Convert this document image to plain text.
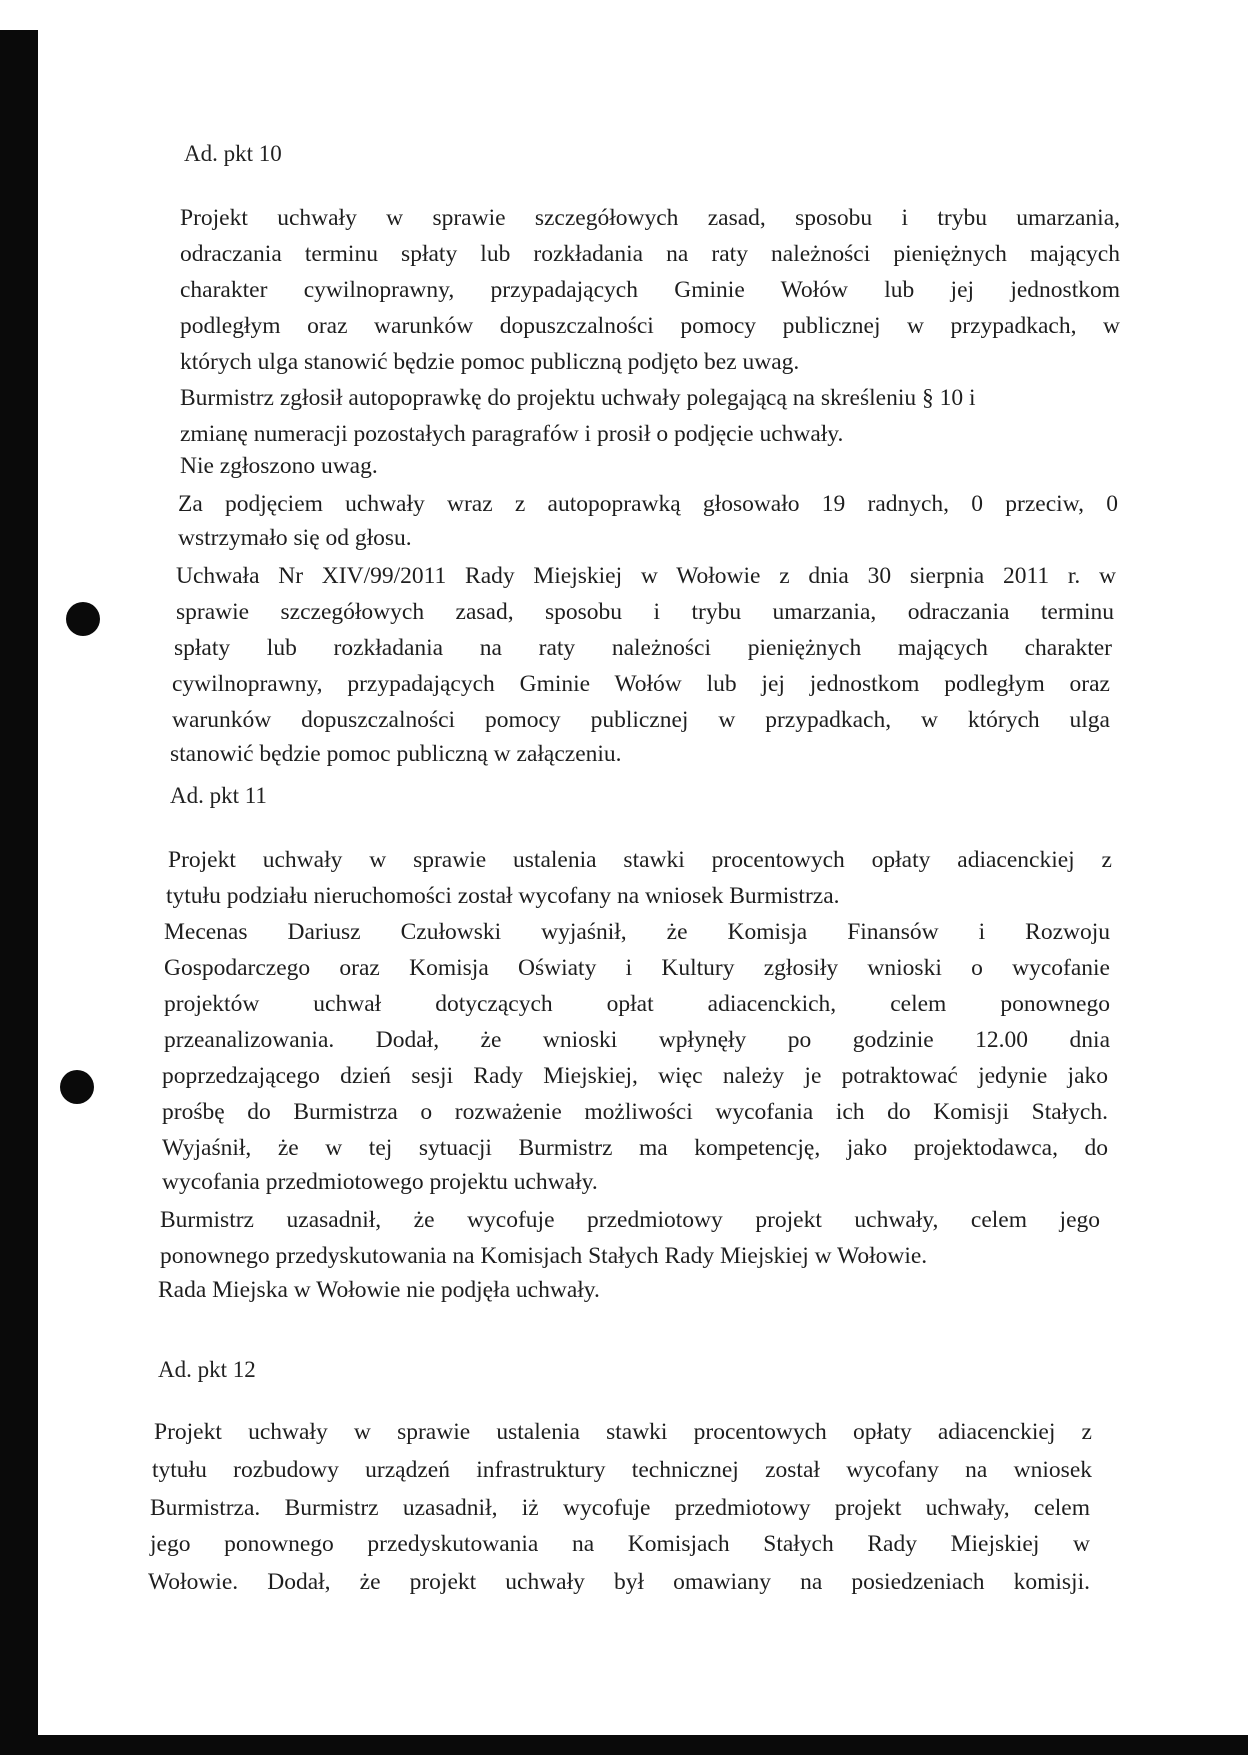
Ad. pkt 10
Projekt uchwały w sprawie szczegółowych zasad, sposobu i trybu umarzania,
odraczania terminu spłaty lub rozkładania na raty należności pieniężnych mających
charakter cywilnoprawny, przypadających Gminie Wołów lub jej jednostkom
podległym oraz warunków dopuszczalności pomocy publicznej w przypadkach, w
których ulga stanowić będzie pomoc publiczną podjęto bez uwag.
Burmistrz zgłosił autopoprawkę do projektu uchwały polegającą na skreśleniu § 10 i
zmianę numeracji pozostałych paragrafów i prosił o podjęcie uchwały.
Nie zgłoszono uwag.
Za podjęciem uchwały wraz z autopoprawką głosowało 19 radnych, 0 przeciw, 0
wstrzymało się od głosu.
Uchwała Nr XIV/99/2011 Rady Miejskiej w Wołowie z dnia 30 sierpnia 2011 r. w
sprawie szczegółowych zasad, sposobu i trybu umarzania, odraczania terminu
spłaty lub rozkładania na raty należności pieniężnych mających charakter
cywilnoprawny, przypadających Gminie Wołów lub jej jednostkom podległym oraz
warunków dopuszczalności pomocy publicznej w przypadkach, w których ulga
stanowić będzie pomoc publiczną w załączeniu.
Ad. pkt 11
Projekt uchwały w sprawie ustalenia stawki procentowych opłaty adiacenckiej z
tytułu podziału nieruchomości został wycofany na wniosek Burmistrza.
Mecenas Dariusz Czułowski wyjaśnił, że Komisja Finansów i Rozwoju
Gospodarczego oraz Komisja Oświaty i Kultury zgłosiły wnioski o wycofanie
projektów uchwał dotyczących opłat adiacenckich, celem ponownego
przeanalizowania. Dodał, że wnioski wpłynęły po godzinie 12.00 dnia
poprzedzającego dzień sesji Rady Miejskiej, więc należy je potraktować jedynie jako
prośbę do Burmistrza o rozważenie możliwości wycofania ich do Komisji Stałych.
Wyjaśnił, że w tej sytuacji Burmistrz ma kompetencję, jako projektodawca, do
wycofania przedmiotowego projektu uchwały.
Burmistrz uzasadnił, że wycofuje przedmiotowy projekt uchwały, celem jego
ponownego przedyskutowania na Komisjach Stałych Rady Miejskiej w Wołowie.
Rada Miejska w Wołowie nie podjęła uchwały.
Ad. pkt 12
Projekt uchwały w sprawie ustalenia stawki procentowych opłaty adiacenckiej z
tytułu rozbudowy urządzeń infrastruktury technicznej został wycofany na wniosek
Burmistrza. Burmistrz uzasadnił, iż wycofuje przedmiotowy projekt uchwały, celem
jego ponownego przedyskutowania na Komisjach Stałych Rady Miejskiej w
Wołowie. Dodał, że projekt uchwały był omawiany na posiedzeniach komisji.
